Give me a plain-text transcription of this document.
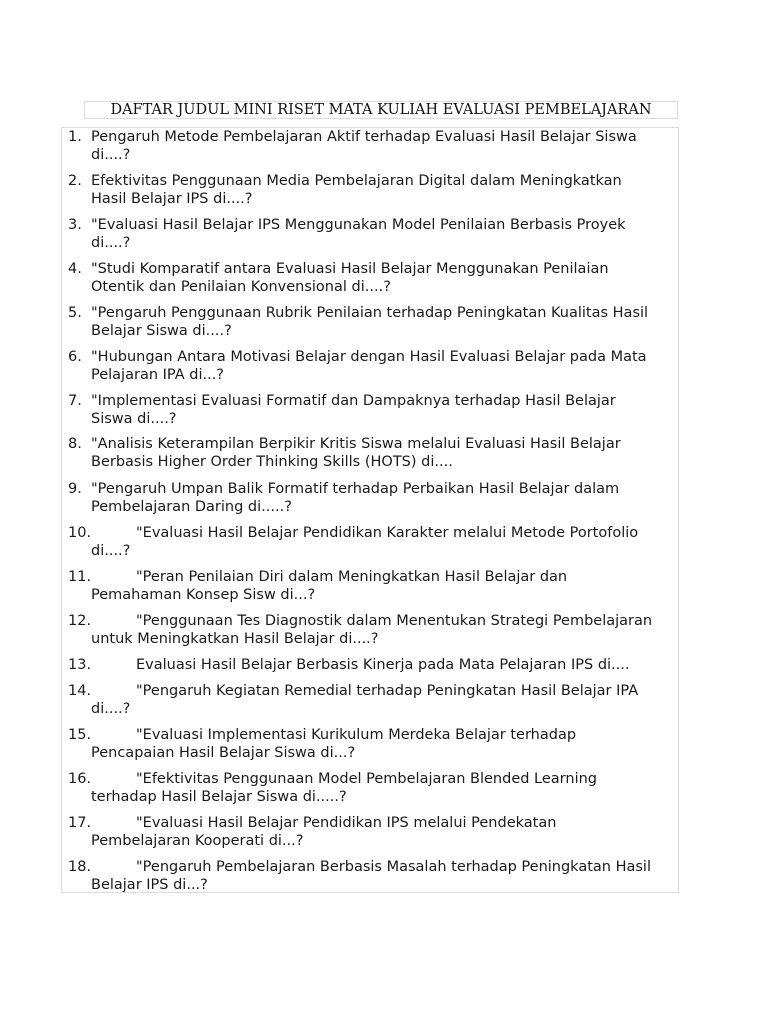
DAFTAR JUDUL MINI RISET MATA KULIAH EVALUASI PEMBELAJARAN
1. Pengaruh Metode Pembelajaran Aktif terhadap Evaluasi Hasil Belajar Siswa
di....?
2. Efektivitas Penggunaan Media Pembelajaran Digital dalam Meningkatkan
Hasil Belajar IPS di....?
3. "Evaluasi Hasil Belajar IPS Menggunakan Model Penilaian Berbasis Proyek
di....?
4. "Studi Komparatif antara Evaluasi Hasil Belajar Menggunakan Penilaian
Otentik dan Penilaian Konvensional di....?
5. "Pengaruh Penggunaan Rubrik Penilaian terhadap Peningkatan Kualitas Hasil
Belajar Siswa di....?
6. "Hubungan Antara Motivasi Belajar dengan Hasil Evaluasi Belajar pada Mata
Pelajaran IPA di...?
7. "Implementasi Evaluasi Formatif dan Dampaknya terhadap Hasil Belajar
Siswa di....?
8. "Analisis Keterampilan Berpikir Kritis Siswa melalui Evaluasi Hasil Belajar
Berbasis Higher Order Thinking Skills (HOTS) di....
9. "Pengaruh Umpan Balik Formatif terhadap Perbaikan Hasil Belajar dalam
Pembelajaran Daring di.....?
10.	"Evaluasi Hasil Belajar Pendidikan Karakter melalui Metode Portofolio
di....?
11.	"Peran Penilaian Diri dalam Meningkatkan Hasil Belajar dan
Pemahaman Konsep Sisw di...?
12.	"Penggunaan Tes Diagnostik dalam Menentukan Strategi Pembelajaran
untuk Meningkatkan Hasil Belajar di....?
13.	Evaluasi Hasil Belajar Berbasis Kinerja pada Mata Pelajaran IPS di....
14.	"Pengaruh Kegiatan Remedial terhadap Peningkatan Hasil Belajar IPA
di....?
15.	"Evaluasi Implementasi Kurikulum Merdeka Belajar terhadap
Pencapaian Hasil Belajar Siswa di...?
16.	"Efektivitas Penggunaan Model Pembelajaran Blended Learning
terhadap Hasil Belajar Siswa di.....?
17.	"Evaluasi Hasil Belajar Pendidikan IPS melalui Pendekatan
Pembelajaran Kooperati di...?
18.	"Pengaruh Pembelajaran Berbasis Masalah terhadap Peningkatan Hasil
Belajar IPS di...?
